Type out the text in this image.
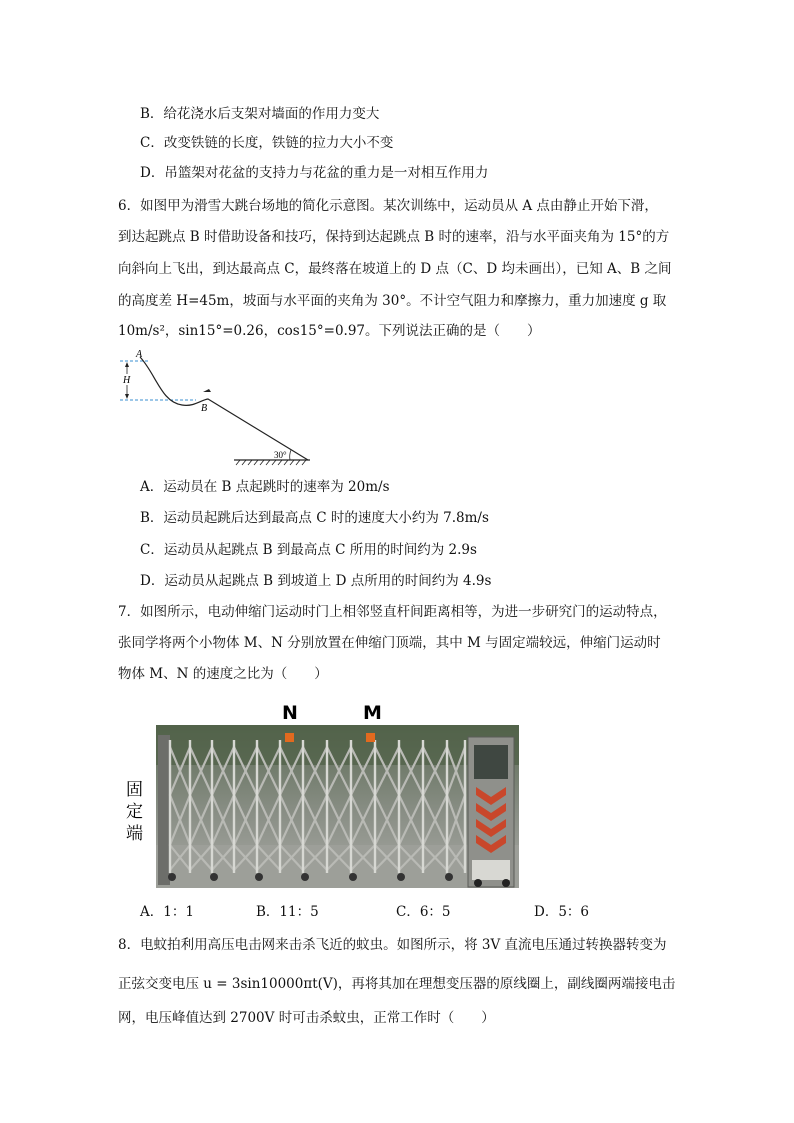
B．给花浇水后支架对墙面的作用力变大
C．改变铁链的长度，铁链的拉力大小不变
D．吊篮架对花盆的支持力与花盆的重力是一对相互作用力
6．如图甲为滑雪大跳台场地的简化示意图。某次训练中，运动员从 A 点由静止开始下滑，
到达起跳点 B 时借助设备和技巧，保持到达起跳点 B 时的速率，沿与水平面夹角为 15°的方
向斜向上飞出，到达最高点 C，最终落在坡道上的 D 点（C、D 均未画出），已知 A、B 之间
的高度差 H=45m，坡面与水平面的夹角为 30°。不计空气阻力和摩擦力，重力加速度 g 取
10m/s²，sin15°=0.26，cos15°=0.97。下列说法正确的是（　　）
H
A
B
30°
A．运动员在 B 点起跳时的速率为 20m/s
B．运动员起跳后达到最高点 C 时的速度大小约为 7.8m/s
C．运动员从起跳点 B 到最高点 C 所用的时间约为 2.9s
D．运动员从起跳点 B 到坡道上 D 点所用的时间约为 4.9s
7．如图所示，电动伸缩门运动时门上相邻竖直杆间距离相等，为进一步研究门的运动特点，
张同学将两个小物体 M、N 分别放置在伸缩门顶端，其中 M 与固定端较远，伸缩门运动时
物体 M、N 的速度之比为（　　）
N	M
固
定
端
A．1：1	B．11：5	C．6：5	D．5：6
8．电蚊拍利用高压电击网来击杀飞近的蚊虫。如图所示，将 3V 直流电压通过转换器转变为
正弦交变电压 u = 3sin10000πt(V)，再将其加在理想变压器的原线圈上，副线圈两端接电击
网，电压峰值达到 2700V 时可击杀蚊虫，正常工作时（　　）
